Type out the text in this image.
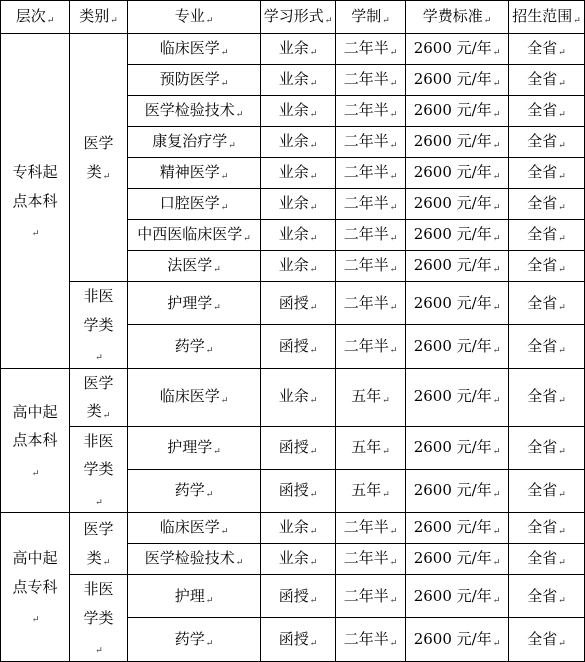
层次↵	类别↵	专业↵	学习形式↵	学制↵	学费标准↵	招生范围↵
专科起点本科↵	医学类↵	临床医学↵	业余↵	二年半↵	2600 元/年↵	全省↵
		预防医学↵	业余↵	二年半↵	2600 元/年↵	全省↵
		医学检验技术↵	业余↵	二年半↵	2600 元/年↵	全省↵
		康复治疗学↵	业余↵	二年半↵	2600 元/年↵	全省↵
		精神医学↵	业余↵	二年半↵	2600 元/年↵	全省↵
		口腔医学↵	业余↵	二年半↵	2600 元/年↵	全省↵
		中西医临床医学↵	业余↵	二年半↵	2600 元/年↵	全省↵
		法医学↵	业余↵	二年半↵	2600 元/年↵	全省↵
	非医学类↵	护理学↵	函授↵	二年半↵	2600 元/年↵	全省↵
		药学↵	函授↵	二年半↵	2600 元/年↵	全省↵
高中起点本科↵	医学类↵	临床医学↵	业余↵	五年↵	2600 元/年↵	全省↵
	非医学类↵	护理学↵	函授↵	五年↵	2600 元/年↵	全省↵
		药学↵	函授↵	五年↵	2600 元/年↵	全省↵
高中起点专科↵	医学类↵	临床医学↵	业余↵	二年半↵	2600 元/年↵	全省↵
		医学检验技术↵	业余↵	二年半↵	2600 元/年↵	全省↵
	非医学类↵	护理↵	函授↵	二年半↵	2600 元/年↵	全省↵
		药学↵	函授↵	二年半↵	2600 元/年↵	全省↵
